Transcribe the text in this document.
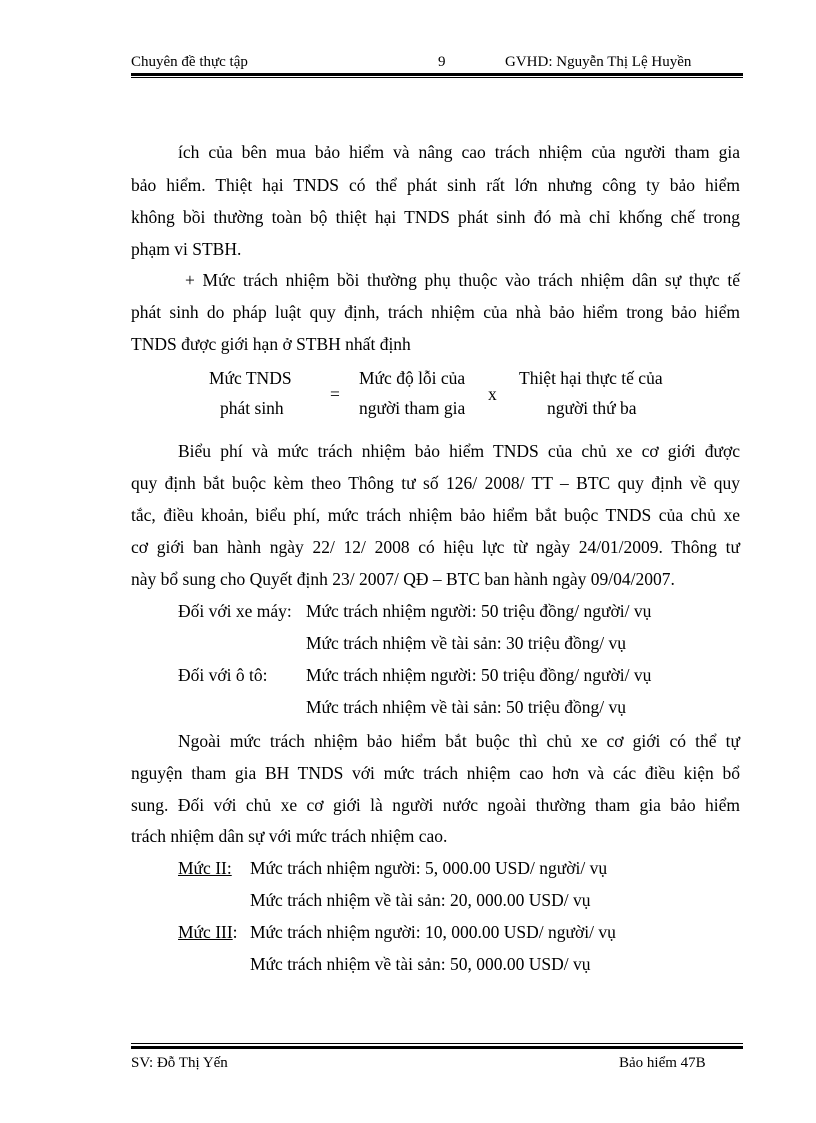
Chuyên đề thực tập	9	GVHD: Nguyễn Thị Lệ Huyền
ích của bên mua bảo hiểm và nâng cao trách nhiệm của người tham gia
bảo hiểm. Thiệt hại TNDS có thể phát sinh rất lớn nhưng công ty bảo hiểm
không bồi thường toàn bộ thiệt hại TNDS phát sinh đó mà chỉ khống chế trong
phạm vi STBH.
+ Mức trách nhiệm bồi thường phụ thuộc vào trách nhiệm dân sự thực tế
phát sinh do pháp luật quy định, trách nhiệm của nhà bảo hiểm trong bảo hiểm
TNDS được giới hạn ở STBH nhất định
Mức TNDS
phát sinh
=
Mức độ lỗi của
người tham gia
x
Thiệt hại thực tế của
người thứ ba
Biểu phí và mức trách nhiệm bảo hiểm TNDS của chủ xe cơ giới được
quy định bắt buộc kèm theo Thông tư số 126/ 2008/ TT – BTC quy định về quy
tắc, điều khoản, biểu phí, mức trách nhiệm bảo hiểm bắt buộc TNDS của chủ xe
cơ giới ban hành ngày 22/ 12/ 2008 có hiệu lực từ ngày 24/01/2009. Thông tư
này bổ sung cho Quyết định 23/ 2007/ QĐ – BTC ban hành ngày 09/04/2007.
Đối với xe máy: Mức trách nhiệm người: 50 triệu đồng/ người/ vụ
Mức trách nhiệm về tài sản: 30 triệu đồng/ vụ
Đối với ô tô: Mức trách nhiệm người: 50 triệu đồng/ người/ vụ
Mức trách nhiệm về tài sản: 50 triệu đồng/ vụ
Ngoài mức trách nhiệm bảo hiểm bắt buộc thì chủ xe cơ giới có thể tự
nguyện tham gia BH TNDS với mức trách nhiệm cao hơn và các điều kiện bổ
sung. Đối với chủ xe cơ giới là người nước ngoài thường tham gia bảo hiểm
trách nhiệm dân sự với mức trách nhiệm cao.
Mức II: Mức trách nhiệm người: 5, 000.00 USD/ người/ vụ
Mức trách nhiệm về tài sản: 20, 000.00 USD/ vụ
Mức III: Mức trách nhiệm người: 10, 000.00 USD/ người/ vụ
Mức trách nhiệm về tài sản: 50, 000.00 USD/ vụ
SV: Đỗ Thị Yến	Bảo hiểm 47B
